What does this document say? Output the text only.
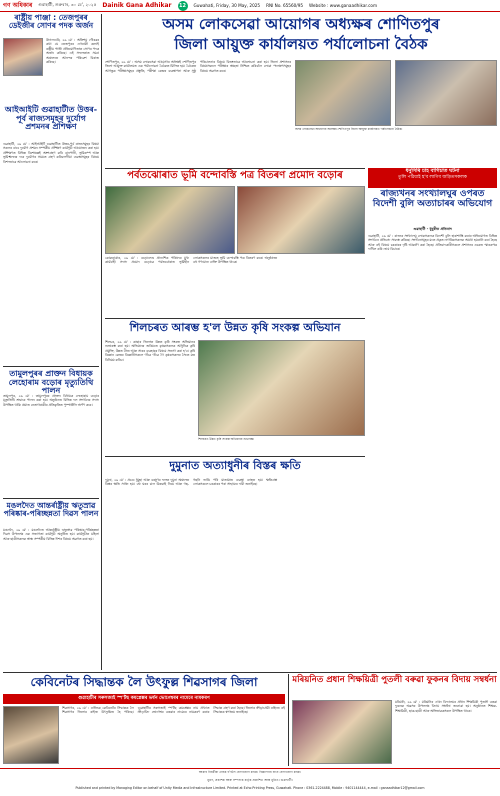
গণ অধিকাৰ গুৱাহাটী, শুক্ৰবাৰ, ৩০ মে', ২০২৫ Dainik Gana Adhikar	12	Guwahati, Friday, 30 May, 2025 RNI No. 65560/95 Website : www.ganaadhikar.com
ৰাষ্ট্ৰীয় পাঞ্জা : তেজপুৰৰ ডেইজীৰ সোণৰ পদক অৰ্জন
উদালগুৰি, ২৯ মে' : অতিশয় গৌৰৱৰ কথা যে তেজপুৰৰ এগৰাকী কন্যাই ৰাষ্ট্ৰীয় পাঞ্জা প্ৰতিযোগিতাত সোণৰ পদক অৰ্জন কৰিছে। এই সফলতাত সমগ্ৰ অঞ্চলতে আনন্দৰ পৰিৱেশ বিৰাজ কৰিছে।
আইআইটি গুৱাহাটীত উত্তৰ-পূৰ্ব ৰাজ্যসমূহৰ দুৰ্যোগ প্ৰশমনৰ প্ৰশিক্ষণ
গুৱাহাটী, ২৯ মে' : আইআইটি গুৱাহাটীত উত্তৰ-পূৰ্ব ৰাজ্যসমূহৰ বিষয়া সকলৰ বাবে দুৰ্যোগ প্ৰশমন সম্পৰ্কীয় প্ৰশিক্ষণ কাৰ্যসূচী আয়োজন কৰা হয়। প্ৰশিক্ষণত বিভিন্ন বিশেষজ্ঞই অংশগ্ৰহণ কৰি বানপানী, ভূমিকম্প আৰু ভূমিস্খলনৰ দৰে দুৰ্যোগৰ সময়ত গ্ৰহণ কৰিবলগীয়া ব্যৱস্থাসমূহৰ বিষয়ে বিশদভাৱে আলোচনা কৰে।
তামুলপুৰৰ প্ৰাক্তন বিধায়ক লেহোৰাম বড়োৰ মৃত্যুতিথি পালন
তামুলপুৰ, ২৯ মে' : তামুলপুৰৰ প্ৰাক্তন বিধায়ক লেহোৰাম বড়োৰ মৃত্যুতিথি শ্ৰদ্ধাৰে পালন কৰা হয়। অনুষ্ঠানত বিভিন্ন দল সংগঠনৰ সদস্য উপস্থিত থাকি প্ৰয়াত নেতাগৰাকীৰ প্ৰতিকৃতিত পুষ্পাঞ্জলি অৰ্পণ কৰে।
মঙলদৈত আন্তৰ্ৰাষ্ট্ৰীয় ঋতুস্ৰাৱ পৰিষ্কাৰ-পৰিচ্ছন্নতা দিৱস পালন
মঙলদৈ, ২৯ মে' : মঙলদৈত আন্তৰ্ৰাষ্ট্ৰীয় ঋতুস্ৰাৱ পৰিষ্কাৰ-পৰিচ্ছন্নতা দিৱস উপলক্ষে এক সজাগতা কাৰ্যসূচী অনুষ্ঠিত হয়। কাৰ্যসূচীত মহিলা আৰু ছাত্ৰীসকলক স্বাস্থ্য সম্পৰ্কীয় বিভিন্ন দিশৰ বিষয়ে অৱগত কৰা হয়।
অসম লোকসেৱা আয়োগৰ অধ্যক্ষৰ শোণিতপুৰ
জিলা আয়ুক্ত কাৰ্যালয়ত পৰ্যালোচনা বৈঠক
শোণিতপুৰ, ২৯ মে' : অসম লোকসেৱা আয়োগৰ অধ্যক্ষই শোণিতপুৰ জিলা আয়ুক্ত কাৰ্যালয়ত এক পৰ্যালোচনা বৈঠকত মিলিত হয়। বৈঠকত আগন্তুক পৰীক্ষাসমূহৰ প্ৰস্তুতি, পৰীক্ষা কেন্দ্ৰৰ ব্যৱস্থাপনা আৰু সুষ্ঠু পৰিচালনাৰ বিষয়ে বিতংভাৱে আলোচনা কৰা হয়। জিলা প্ৰশাসনৰ বিষয়াসকলে পৰীক্ষাৰ স্বচ্ছতা নিশ্চিত কৰিবলৈ লোৱা পদক্ষেপসমূহৰ বিষয়ে অৱগত কৰে।
অসম লোকসেৱা আয়োগৰ অধ্যক্ষৰ শোণিতপুৰ জিলা আয়ুক্ত কাৰ্যালয়ত পৰ্যালোচনা বৈঠক।
পৰ্বতঝোৰাত ভূমি বন্দোবস্তি পত্ৰ বিতৰণ প্ৰমোদ বড়োৰ
কোকৰাঝাৰ, ২৯ মে' : বড়োলেণ্ড প্ৰাদেশিক পৰিষদৰ মুখ্য কাৰ্যবাহী সদস্য প্ৰমোদ বড়োৱে পৰ্বতঝোৰাত ভূমিহীন লোকসকলৰ মাজত ভূমি বন্দোবস্তি পত্ৰ বিতৰণ কৰে। অনুষ্ঠানত বহু গণ্যমান্য ব্যক্তি উপস্থিত থাকে।
ধনুসিৰি চাহ বাগিচাত ঘটনা
তুলি পঠিয়াই হ'ব লাগিব জড়িতসকলক
ৰাজ্যখনৰ সংখ্যালঘুৰ ওপৰত বিদেশী বুলি অত্যাচাৰৰ অভিযোগ
গুৱাহাটী - ধুবুৰীত প্ৰতিবাদ
গুৱাহাটী, ২৯ মে' : ৰাজ্যৰ সংখ্যালঘু লোকসকলক বিদেশী বুলি হাৰাশাস্তি কৰাৰ অভিযোগত বিভিন্ন সংগঠনে প্ৰতিবাদ সাব্যস্ত কৰিছে। সংগঠনসমূহৰ মতে প্ৰকৃত নাগৰিকসকলক অযথা হয়ৰানি কৰা হৈছে আৰু এই বিষয়ে চৰকাৰৰ দৃষ্টি আকৰ্ষণ কৰা হৈছে। প্ৰতিবাদকাৰীসকলে প্ৰশাসনৰ ওচৰত স্মাৰকপত্ৰ দাখিল কৰি ন্যায় বিচাৰে।
শিলচৰত আৰম্ভ হ'ল উন্নত কৃষি সংকল্প অভিযান
শিলচৰ, ২৯ মে' : কাছাৰ জিলাত উন্নত কৃষি সংকল্প অভিযানৰ শুভাৰম্ভ কৰা হয়। অভিযানৰ জৰিয়তে কৃষকসকলক আধুনিক কৃষি প্ৰযুক্তি, উন্নত বীজ আৰু সাৰৰ ব্যৱহাৰৰ বিষয়ে সজাগ কৰা হ'ব। কৃষি বিজ্ঞান কেন্দ্ৰৰ বিজ্ঞানীসকলে গাঁৱে গাঁৱে গৈ কৃষকসকলৰ সৈতে মত বিনিময় কৰিব।
শিলচৰত উন্নত কৃষি সংকল্প অভিযানৰ শুভাৰম্ভ।
দুমুনাত অত্যাধুনীৰ বিস্তৰ ক্ষতি
দুমুনা, ২৯ মে' : প্ৰচণ্ড ধুমুহা আৰু বৰষুণৰ ফলত দুমুনা অঞ্চলত বিস্তৰ ক্ষতি সাধন হয়। বহু ঘৰৰ চাল উৰুৱাই নিয়ে আৰু গছ-গছনি ভাঙি পৰি যাতায়াত ব্যৱস্থা ব্যাহত হয়। ক্ষতিগ্ৰস্ত লোকসকলে চৰকাৰৰ পৰা সাহায্যৰ দাবী জনাইছে।
কেবিনেটৰ সিদ্ধান্তক লৈ উৎফুল্ল শিৱসাগৰ জিলা
গুৱাহাটীৰ সৰুসজাই স্প'ৰ্টছ কমপ্লেক্সৰ ভৰ্ষন ভোগেশ্বৰৰ নামেৰে নামকৰণ
শিৱসাগৰ, ২৯ মে' : ৰাজ্যিক কেবিনেটৰ সিদ্ধান্তক লৈ শিৱসাগৰ জিলাৰ ৰাইজ উৎফুল্লিত হৈ পৰিছে। গুৱাহাটীৰ সৰুসজাই স্প'ৰ্টছ কমপ্লেক্সৰ নাম প্ৰখ্যাত ক্ৰীড়াবিদ ভোগেশ্বৰ বৰুৱাৰ নামেৰে নামকৰণ কৰাৰ সিদ্ধান্ত গ্ৰহণ কৰা হৈছে। জিলাৰ ক্ৰীড়াপ্ৰেমী ৰাইজে এই সিদ্ধান্তক স্বাগতম জনাইছে।
মৰিয়নিত প্ৰধান শিক্ষয়িত্ৰী পুতলী বৰুৱা ফুকনৰ বিদায় সম্বৰ্ধনা
মৰিয়নি, ২৯ মে' : মৰিয়নিৰ এখন বিদ্যালয়ৰ প্ৰধান শিক্ষয়িত্ৰী পুতলী বৰুৱা ফুকনক অৱসৰ উপলক্ষে বিদায় সম্বৰ্ধনা জনোৱা হয়। অনুষ্ঠানত শিক্ষক-শিক্ষয়িত্ৰী, ছাত্ৰ-ছাত্ৰী আৰু অভিভাৱকসকল উপস্থিত থাকে।
আমাৰ নিয়মীয়া গ্ৰাহক হ'বলৈ যোগাযোগ কৰক। বিজ্ঞাপনৰ বাবে যোগাযোগ কৰক।
মুদ্ৰণ, প্ৰকাশক আৰু সম্পাদক কৰ্তৃক প্ৰকাশিত আৰু মুদ্ৰিত। গুৱাহাটী।
Published and printed by Managing Editor on behalf of Unity Media and Infrastructure Limited. Printed at Echo Printing Press, Guwahati. Phone : 0361-2224488, Mobile : 9401144444, e-mail : ganaadhikar12@gmail.com
